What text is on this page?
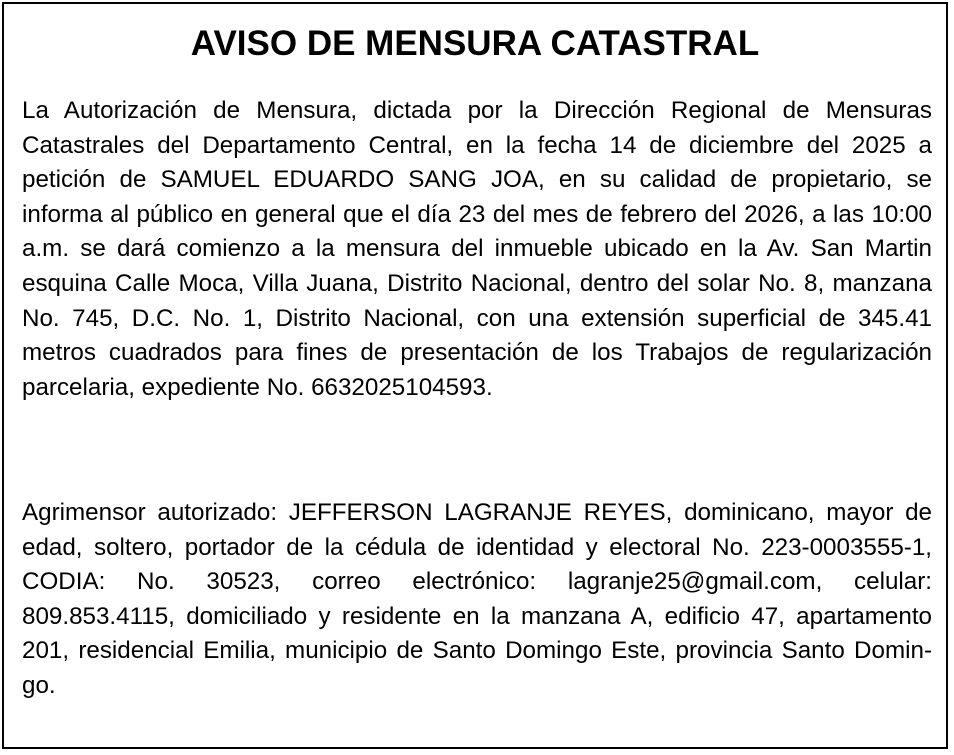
AVISO DE MENSURA CATASTRAL

La Autorización de Mensura, dictada por la Dirección Regional de Mensuras Catastrales del Departamento Central, en la fecha 14 de diciembre del 2025 a petición de SAMUEL EDUARDO SANG JOA, en su calidad de propietario, se informa al público en general que el día 23 del mes de febrero del 2026, a las 10:00 a.m. se dará comienzo a la mensura del inmueble ubicado en la Av. San Martin esquina Calle Moca, Villa Juana, Distrito Nacional, dentro del solar No. 8, manzana No. 745, D.C. No. 1, Distrito Nacional, con una extensión superficial de 345.41 metros cuadrados para fines de presentación de los Trabajos de regularización parcelaria, expediente No. 6632025104593.

Agrimensor autorizado: JEFFERSON LAGRANJE REYES, dominicano, mayor de edad, soltero, portador de la cédula de identidad y electoral No. 223-0003555-1, CODIA: No. 30523, correo electrónico: lagranje25@gmail.com, celular: 809.853.4115, domiciliado y residente en la manzana A, edificio 47, apartamento 201, residencial Emilia, municipio de Santo Domingo Este, provincia Santo Domingo.
